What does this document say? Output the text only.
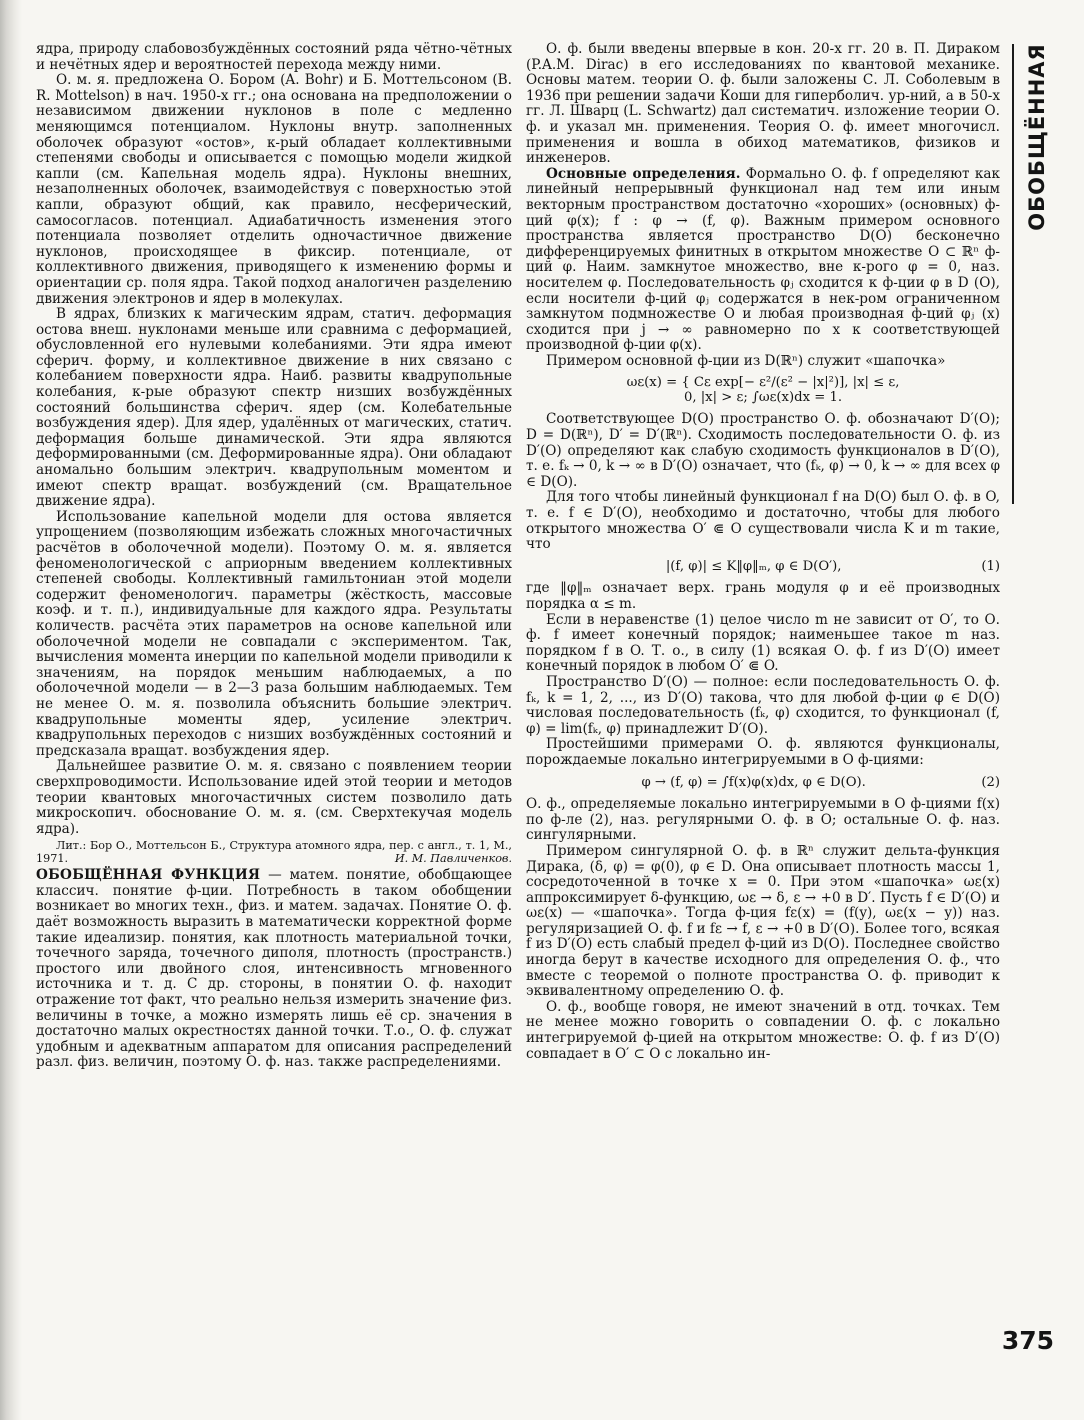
ядра, природу слабовозбуждённых состояний ряда чётно-чётных и нечётных ядер и вероятностей перехода между ними.

О. м. я. предложена О. Бором (A. Bohr) и Б. Моттельсоном (B. R. Mottelson) в нач. 1950-х гг.; она основана на предположении о независимом движении нуклонов в поле с медленно меняющимся потенциалом. Нуклоны внутр. заполненных оболочек образуют «остов», к-рый обладает коллективными степенями свободы и описывается с помощью модели жидкой капли (см. Капельная модель ядра). Нуклоны внешних, незаполненных оболочек, взаимодействуя с поверхностью этой капли, образуют общий, как правило, несферический, самосогласов. потенциал. Адиабатичность изменения этого потенциала позволяет отделить одночастичное движение нуклонов, происходящее в фиксир. потенциале, от коллективного движения, приводящего к изменению формы и ориентации ср. поля ядра. Такой подход аналогичен разделению движения электронов и ядер в молекулах.

В ядрах, близких к магическим ядрам, статич. деформация остова внеш. нуклонами меньше или сравнима с деформацией, обусловленной его нулевыми колебаниями. Эти ядра имеют сферич. форму, и коллективное движение в них связано с колебанием поверхности ядра. Наиб. развиты квадрупольные колебания, к-рые образуют спектр низших возбуждённых состояний большинства сферич. ядер (см. Колебательные возбуждения ядер). Для ядер, удалённых от магических, статич. деформация больше динамической. Эти ядра являются деформированными (см. Деформированные ядра). Они обладают аномально большим электрич. квадрупольным моментом и имеют спектр вращат. возбуждений (см. Вращательное движение ядра).

Использование капельной модели для остова является упрощением (позволяющим избежать сложных многочастичных расчётов в оболочечной модели). Поэтому О. м. я. является феноменологической с априорным введением коллективных степеней свободы. Коллективный гамильтониан этой модели содержит феноменологич. параметры (жёсткость, массовые коэф. и т. п.), индивидуальные для каждого ядра. Результаты количеств. расчёта этих параметров на основе капельной или оболочечной модели не совпадали с экспериментом. Так, вычисления момента инерции по капельной модели приводили к значениям, на порядок меньшим наблюдаемых, а по оболочечной модели — в 2—3 раза большим наблюдаемых. Тем не менее О. м. я. позволила объяснить большие электрич. квадрупольные моменты ядер, усиление электрич. квадрупольных переходов с низших возбуждённых состояний и предсказала вращат. возбуждения ядер.

Дальнейшее развитие О. м. я. связано с появлением теории сверхпроводимости. Использование идей этой теории и методов теории квантовых многочастичных систем позволило дать микроскопич. обоснование О. м. я. (см. Сверхтекучая модель ядра).

Лит.: Бор О., Моттельсон Б., Структура атомного ядра, пер. с англ., т. 1, М., 1971.	И. М. Павличенков.

ОБОБЩЁННАЯ ФУНКЦИЯ — матем. понятие, обобщающее классич. понятие ф-ции. Потребность в таком обобщении возникает во многих техн., физ. и матем. задачах. Понятие О. ф. даёт возможность выразить в математически корректной форме такие идеализир. понятия, как плотность материальной точки, точечного заряда, точечного диполя, плотность (пространств.) простого или двойного слоя, интенсивность мгновенного источника и т. д. С др. стороны, в понятии О. ф. находит отражение тот факт, что реально нельзя измерить значение физ. величины в точке, а можно измерять лишь её ср. значения в достаточно малых окрестностях данной точки. Т.о., О. ф. служат удобным и адекватным аппаратом для описания распределений разл. физ. величин, поэтому О. ф. наз. также распределениями.

О. ф. были введены впервые в кон. 20-х гг. 20 в. П. Дираком (P.A.M. Dirac) в его исследованиях по квантовой механике. Основы матем. теории О. ф. были заложены С. Л. Соболевым в 1936 при решении задачи Коши для гиперболич. ур-ний, а в 50-х гг. Л. Шварц (L. Schwartz) дал систематич. изложение теории О. ф. и указал мн. применения. Теория О. ф. имеет многочисл. применения и вошла в обиход математиков, физиков и инженеров.

Основные определения. Формально О. ф. f определяют как линейный непрерывный функционал над тем или иным векторным пространством достаточно «хороших» (основных) ф-ций φ(x); f : φ → (f, φ). Важным примером основного пространства является пространство D(O) бесконечно дифференцируемых финитных в открытом множестве O ⊂ ℝⁿ ф-ций φ. Наим. замкнутое множество, вне к-рого φ = 0, наз. носителем φ. Последовательность φⱼ сходится к ф-ции φ в D (O), если носители ф-ций φⱼ содержатся в нек-ром ограниченном замкнутом подмножестве O и любая производная ф-ций φⱼ (x) сходится при j → ∞ равномерно по x к соответствующей производной ф-ции φ(x).

Примером основной ф-ции из D(ℝⁿ) служит «шапочка»

ωε(x) = { Cε exp[− ε²/(ε² − |x|²)], |x| ≤ ε,
0, |x| > ε; ∫ωε(x)dx = 1.

Соответствующее D(O) пространство О. ф. обозначают D′(O); D = D(ℝⁿ), D′ = D′(ℝⁿ). Сходимость последовательности О. ф. из D′(O) определяют как слабую сходимость функционалов в D′(O), т. е. fₖ → 0, k → ∞ в D′(O) означает, что (fₖ, φ) → 0, k → ∞ для всех φ ∈ D(O).

Для того чтобы линейный функционал f на D(O) был О. ф. в O, т. е. f ∈ D′(O), необходимо и достаточно, чтобы для любого открытого множества O′ ⋐ O существовали числа K и m такие, что

(1)
|(f, φ)| ≤ K‖φ‖ₘ, φ ∈ D(O′),

где ‖φ‖ₘ означает верх. грань модуля φ и её производных порядка α ≤ m.

Если в неравенстве (1) целое число m не зависит от O′, то О. ф. f имеет конечный порядок; наименьшее такое m наз. порядком f в O. Т. о., в силу (1) всякая О. ф. f из D′(O) имеет конечный порядок в любом O′ ⋐ O.

Пространство D′(O) — полное: если последовательность О. ф. fₖ, k = 1, 2, ..., из D′(O) такова, что для любой ф-ции φ ∈ D(O) числовая последовательность (fₖ, φ) сходится, то функционал (f, φ) = lim(fₖ, φ) принадлежит D′(O).

Простейшими примерами О. ф. являются функционалы, порождаемые локально интегрируемыми в O ф-циями:

(2)
φ → (f, φ) = ∫f(x)φ(x)dx, φ ∈ D(O).

О. ф., определяемые локально интегрируемыми в O ф-циями f(x) по ф-ле (2), наз. регулярными О. ф. в O; остальные О. ф. наз. сингулярными.

Примером сингулярной О. ф. в ℝⁿ служит дельта-функция Дирака, (δ, φ) = φ(0), φ ∈ D. Она описывает плотность массы 1, сосредоточенной в точке x = 0. При этом «шапочка» ωε(x) аппроксимирует δ-функцию, ωε → δ, ε → +0 в D′. Пусть f ∈ D′(O) и ωε(x) — «шапочка». Тогда ф-ция fε(x) = (f(y), ωε(x − y)) наз. регуляризацией О. ф. f и fε → f, ε → +0 в D′(O). Более того, всякая f из D′(O) есть слабый предел ф-ций из D(O). Последнее свойство иногда берут в качестве исходного для определения О. ф., что вместе с теоремой о полноте пространства О. ф. приводит к эквивалентному определению О. ф.

О. ф., вообще говоря, не имеют значений в отд. точках. Тем не менее можно говорить о совпадении О. ф. с локально интегрируемой ф-цией на открытом множестве: О. ф. f из D′(O) совпадает в O′ ⊂ O с локально ин-

ОБОБЩЁННАЯ
375
